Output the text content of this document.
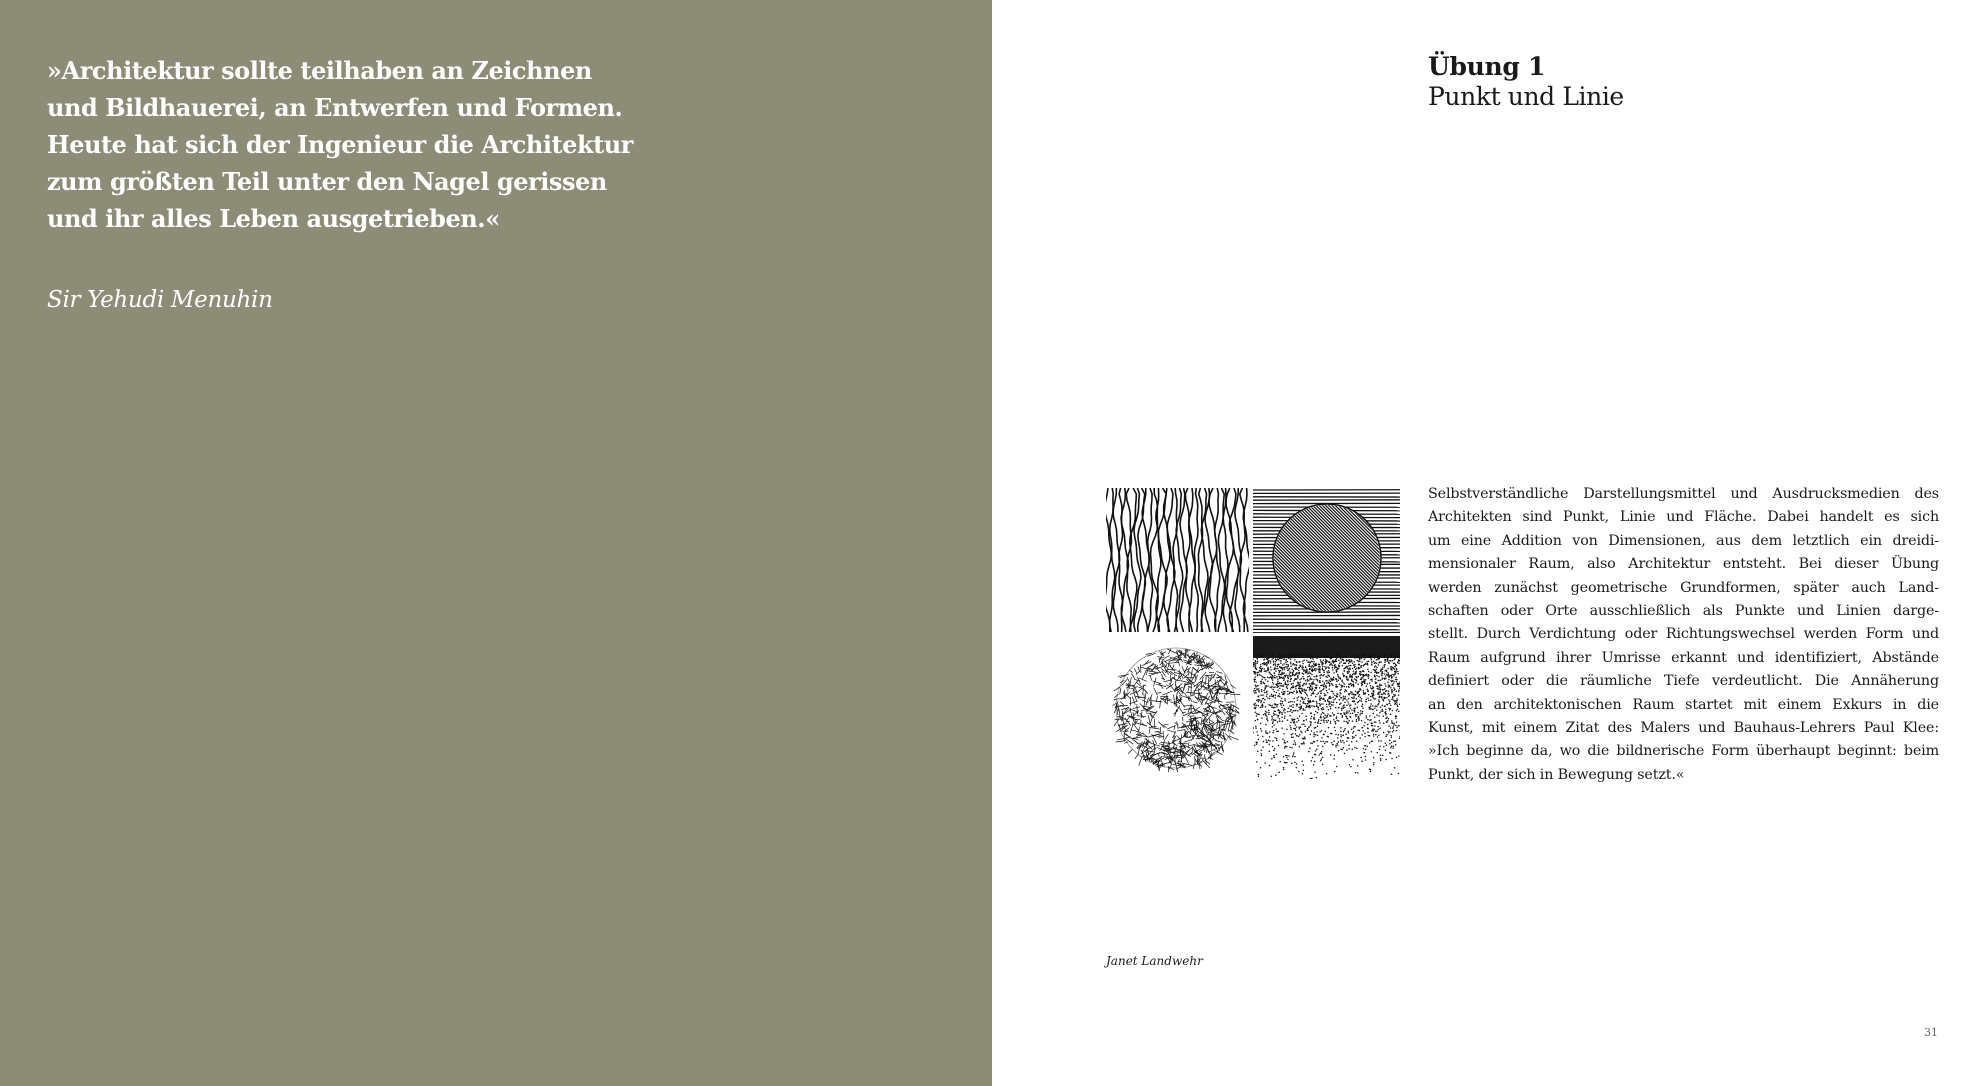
»Architektur sollte teilhaben an Zeichnen
und Bildhauerei, an Entwerfen und Formen.
Heute hat sich der Ingenieur die Architektur
zum größten Teil unter den Nagel gerissen
und ihr alles Leben ausgetrieben.«

Sir Yehudi Menuhin
Übung 1
Punkt und Linie
Selbstverständliche Darstellungsmittel und Ausdrucksmedien des
Architekten sind Punkt, Linie und Fläche. Dabei handelt es sich
um eine Addition von Dimensionen, aus dem letztlich ein dreidi-
mensionaler Raum, also Architektur entsteht. Bei dieser Übung
werden zunächst geometrische Grundformen, später auch Land-
schaften oder Orte ausschließlich als Punkte und Linien darge-
stellt. Durch Verdichtung oder Richtungswechsel werden Form und
Raum aufgrund ihrer Umrisse erkannt und identifiziert, Abstände
definiert oder die räumliche Tiefe verdeutlicht. Die Annäherung
an den architektonischen Raum startet mit einem Exkurs in die
Kunst, mit einem Zitat des Malers und Bauhaus-Lehrers Paul Klee:
»Ich beginne da, wo die bildnerische Form überhaupt beginnt: beim
Punkt, der sich in Bewegung setzt.«
Janet Landwehr
31
